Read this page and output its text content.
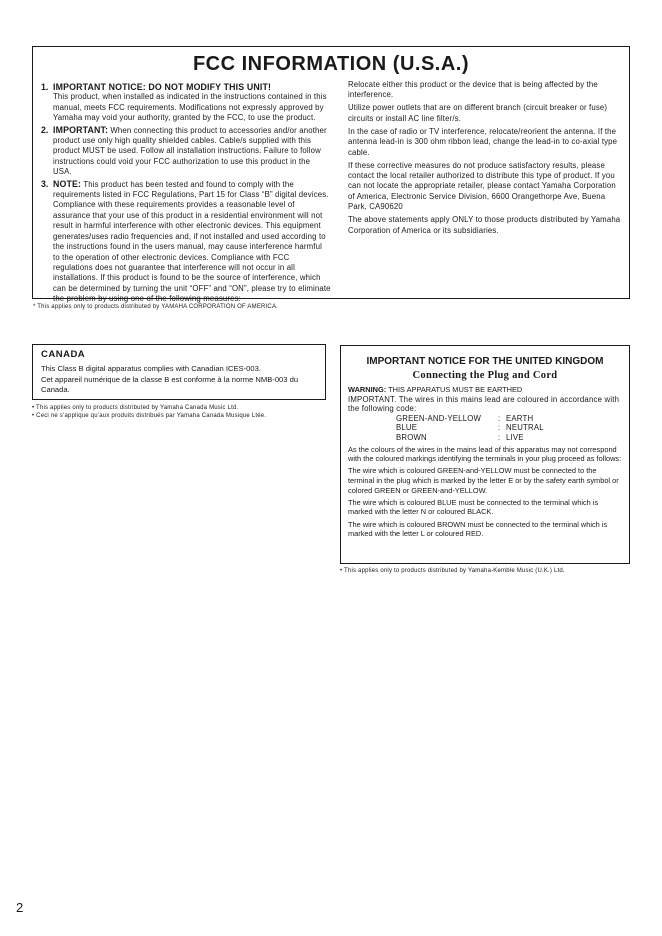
FCC INFORMATION (U.S.A.)
1. IMPORTANT NOTICE: DO NOT MODIFY THIS UNIT!
This product, when installed as indicated in the instructions contained in this manual, meets FCC requirements. Modifications not expressly approved by Yamaha may void your authority, granted by the FCC, to use the product.
2. IMPORTANT: When connecting this product to accessories and/or another product use only high quality shielded cables. Cable/s supplied with this product MUST be used. Follow all installation instructions. Failure to follow instructions could void your FCC authorization to use this product in the USA.
3. NOTE: This product has been tested and found to comply with the requirements listed in FCC Regulations, Part 15 for Class “B” digital devices. Compliance with these requirements provides a reasonable level of assurance that your use of this product in a residential environment will not result in harmful interference with other electronic devices. This equipment generates/uses radio frequencies and, if not installed and used according to the instructions found in the users manual, may cause interference harmful to the operation of other electronic devices. Compliance with FCC regulations does not guarantee that interference will not occur in all installations. If this product is found to be the source of interference, which can be determined by turning the unit “OFF” and “ON”, please try to eliminate the problem by using one of the following measures:

Relocate either this product or the device that is being affected by the interference.

Utilize power outlets that are on different branch (circuit breaker or fuse) circuits or install AC line filter/s.

In the case of radio or TV interference, relocate/reorient the antenna. If the antenna lead-in is 300 ohm ribbon lead, change the lead-in to co-axial type cable.

If these corrective measures do not produce satisfactory results, please contact the local retailer authorized to distribute this type of product. If you can not locate the appropriate retailer, please contact Yamaha Corporation of America, Electronic Service Division, 6600 Orangethorpe Ave, Buena Park, CA90620

The above statements apply ONLY to those products distributed by Yamaha Corporation of America or its subsidiaries.

* This applies only to products distributed by YAMAHA CORPORATION OF AMERICA.
CANADA

This Class B digital apparatus complies with Canadian ICES-003.

Cet appareil numérique de la classe B est conforme à la norme NMB-003 du Canada.

• This applies only to products distributed by Yamaha Canada Music Ltd.
• Ceci ne s’applique qu’aux produits distribués par Yamaha Canada Musique Ltée.
IMPORTANT NOTICE FOR THE UNITED KINGDOM
Connecting the Plug and Cord

WARNING: THIS APPARATUS MUST BE EARTHED

IMPORTANT. The wires in this mains lead are coloured in accordance with the following code:

GREEN-AND-YELLOW	: EARTH
BLUE	: NEUTRAL
BROWN	: LIVE

As the colours of the wires in the mains lead of this apparatus may not correspond with the coloured markings identifying the terminals in your plug proceed as follows:

The wire which is coloured GREEN-and-YELLOW must be connected to the terminal in the plug which is marked by the letter E or by the safety earth symbol or colored GREEN or GREEN-and-YELLOW.

The wire which is coloured BLUE must be connected to the terminal which is marked with the letter N or coloured BLACK.

The wire which is coloured BROWN must be connected to the terminal which is marked with the letter L or coloured RED.

• This applies only to products distributed by Yamaha-Kemble Music (U.K.) Ltd.
2
